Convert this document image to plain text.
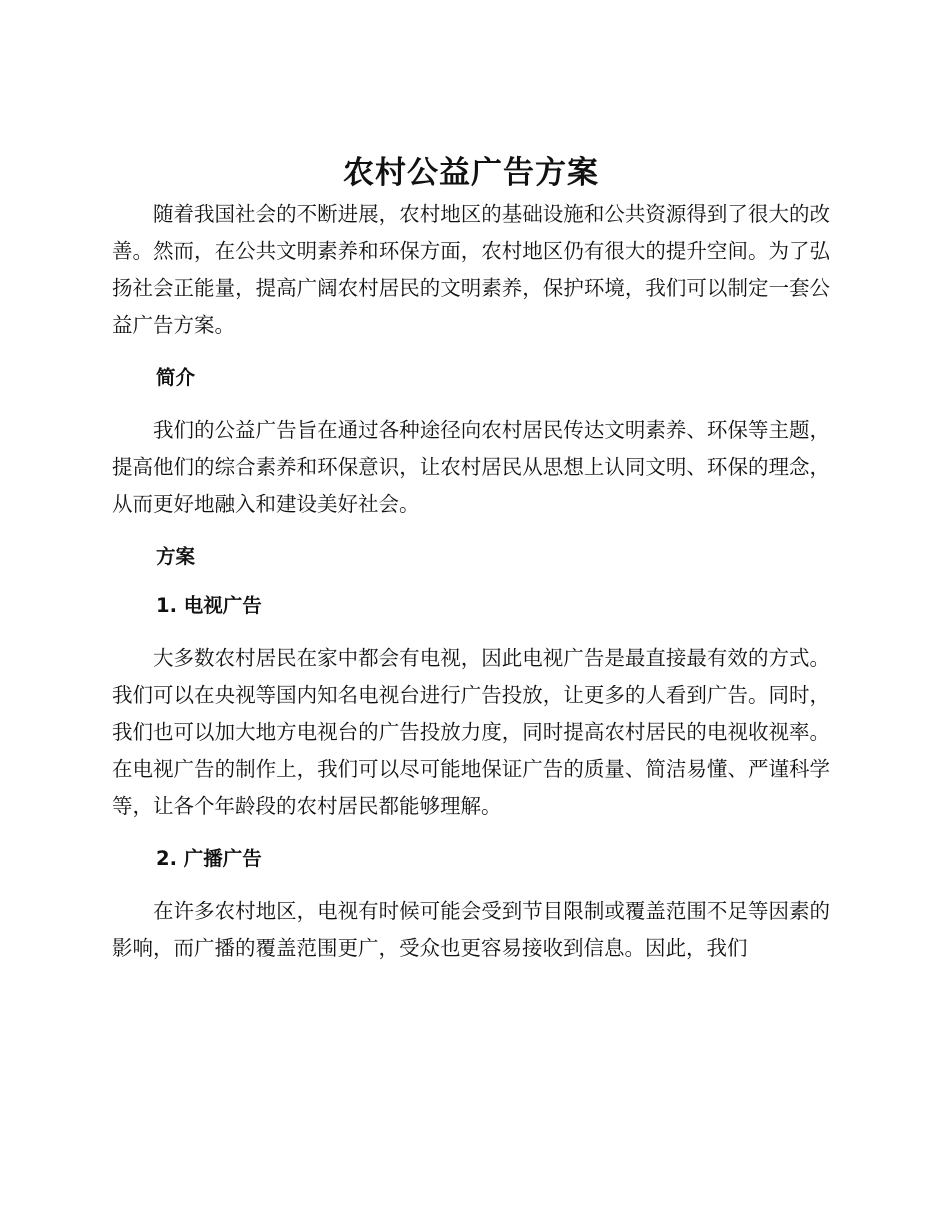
农村公益广告方案

随着我国社会的不断进展，农村地区的基础设施和公共资源得到了很大的改善。然而，在公共文明素养和环保方面，农村地区仍有很大的提升空间。为了弘扬社会正能量，提高广阔农村居民的文明素养，保护环境，我们可以制定一套公益广告方案。

简介

我们的公益广告旨在通过各种途径向农村居民传达文明素养、环保等主题，提高他们的综合素养和环保意识，让农村居民从思想上认同文明、环保的理念，从而更好地融入和建设美好社会。

方案
1. 电视广告

大多数农村居民在家中都会有电视，因此电视广告是最直接最有效的方式。我们可以在央视等国内知名电视台进行广告投放，让更多的人看到广告。同时，我们也可以加大地方电视台的广告投放力度，同时提高农村居民的电视收视率。在电视广告的制作上，我们可以尽可能地保证广告的质量、简洁易懂、严谨科学等，让各个年龄段的农村居民都能够理解。

2. 广播广告

在许多农村地区，电视有时候可能会受到节目限制或覆盖范围不足等因素的影响，而广播的覆盖范围更广，受众也更容易接收到信息。因此，我们
